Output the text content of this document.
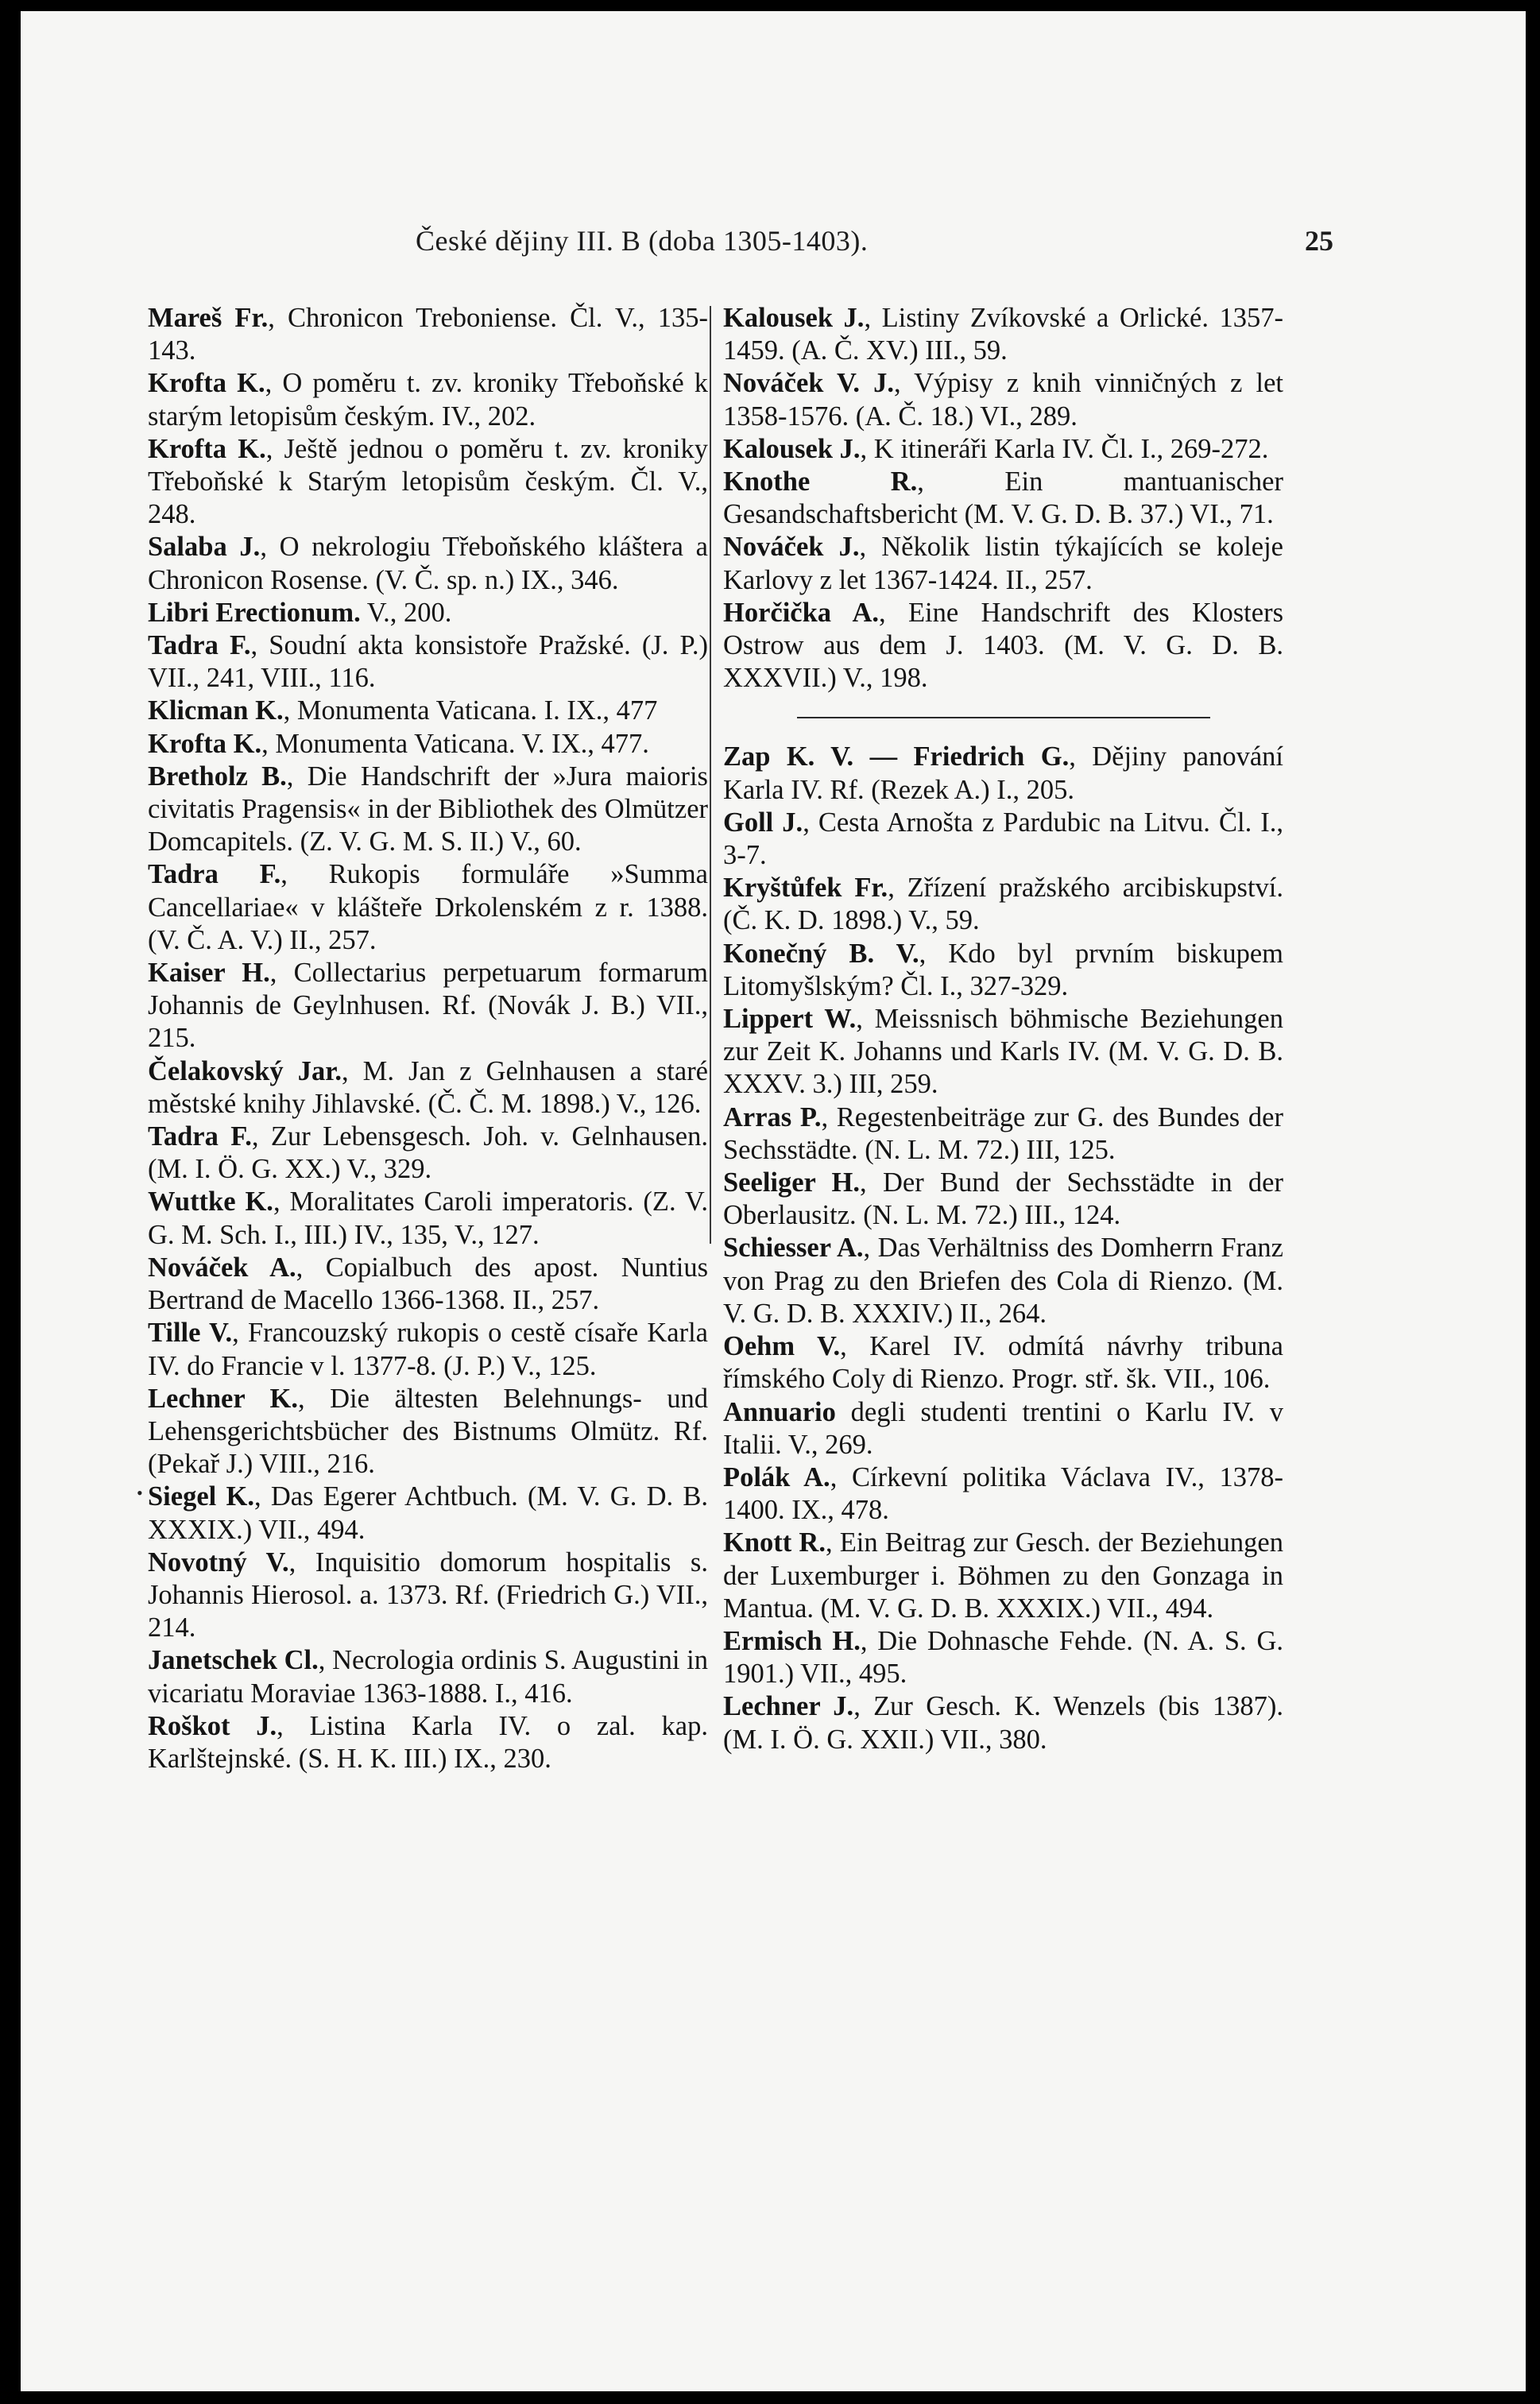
České dějiny III. B (doba 1305-1403).	25

Mareš Fr., Chronicon Treboniense. Čl. V., 135-143.

Krofta K., O poměru t. zv. kroniky Třeboňské k starým letopisům českým. IV., 202.

Krofta K., Ještě jednou o poměru t. zv. kroniky Třeboňské k Starým letopisům českým. Čl. V., 248.

Salaba J., O nekrologiu Třeboňského kláštera a Chronicon Rosense. (V. Č. sp. n.) IX., 346.

Libri Erectionum. V., 200.

Tadra F., Soudní akta konsistoře Pražské. (J. P.) VII., 241, VIII., 116.

Klicman K., Monumenta Vaticana. I. IX., 477

Krofta K., Monumenta Vaticana. V. IX., 477.

Bretholz B., Die Handschrift der »Jura maioris civitatis Pragensis« in der Bibliothek des Olmützer Domcapitels. (Z. V. G. M. S. II.) V., 60.

Tadra F., Rukopis formuláře »Summa Cancellariae« v klášteře Drkolenském z r. 1388. (V. Č. A. V.) II., 257.

Kaiser H., Collectarius perpetuarum formarum Johannis de Geylnhusen. Rf. (Novák J. B.) VII., 215.

Čelakovský Jar., M. Jan z Gelnhausen a staré městské knihy Jihlavské. (Č. Č. M. 1898.) V., 126.

Tadra F., Zur Lebensgesch. Joh. v. Gelnhausen. (M. I. Ö. G. XX.) V., 329.

Wuttke K., Moralitates Caroli imperatoris. (Z. V. G. M. Sch. I., III.) IV., 135, V., 127.

Nováček A., Copialbuch des apost. Nuntius Bertrand de Macello 1366-1368. II., 257.

Tille V., Francouzský rukopis o cestě císaře Karla IV. do Francie v l. 1377-8. (J. P.) V., 125.

Lechner K., Die ältesten Belehnungs- und Lehensgerichtsbücher des Bistnums Olmütz. Rf. (Pekař J.) VIII., 216.

Siegel K., Das Egerer Achtbuch. (M. V. G. D. B. XXXIX.) VII., 494.

Novotný V., Inquisitio domorum hospitalis s. Johannis Hierosol. a. 1373. Rf. (Friedrich G.) VII., 214.

Janetschek Cl., Necrologia ordinis S. Augustini in vicariatu Moraviae 1363-1888. I., 416.

Roškot J., Listina Karla IV. o zal. kap. Karlštejnské. (S. H. K. III.) IX., 230.

Kalousek J., Listiny Zvíkovské a Orlické. 1357-1459. (A. Č. XV.) III., 59.

Nováček V. J., Výpisy z knih vinničných z let 1358-1576. (A. Č. 18.) VI., 289.

Kalousek J., K itineráři Karla IV. Čl. I., 269-272.

Knothe R., Ein mantuanischer Gesandschaftsbericht (M. V. G. D. B. 37.) VI., 71.

Nováček J., Několik listin týkajících se koleje Karlovy z let 1367-1424. II., 257.

Horčička A., Eine Handschrift des Klosters Ostrow aus dem J. 1403. (M. V. G. D. B. XXXVII.) V., 198.

Zap K. V. — Friedrich G., Dějiny panování Karla IV. Rf. (Rezek A.) I., 205.

Goll J., Cesta Arnošta z Pardubic na Litvu. Čl. I., 3-7.

Kryštůfek Fr., Zřízení pražského arcibiskupství. (Č. K. D. 1898.) V., 59.

Konečný B. V., Kdo byl prvním biskupem Litomyšlským? Čl. I., 327-329.

Lippert W., Meissnisch böhmische Beziehungen zur Zeit K. Johanns und Karls IV. (M. V. G. D. B. XXXV. 3.) III, 259.

Arras P., Regestenbeiträge zur G. des Bundes der Sechsstädte. (N. L. M. 72.) III, 125.

Seeliger H., Der Bund der Sechsstädte in der Oberlausitz. (N. L. M. 72.) III., 124.

Schiesser A., Das Verhältniss des Domherrn Franz von Prag zu den Briefen des Cola di Rienzo. (M. V. G. D. B. XXXIV.) II., 264.

Oehm V., Karel IV. odmítá návrhy tribuna římského Coly di Rienzo. Progr. stř. šk. VII., 106.

Annuario degli studenti trentini o Karlu IV. v Italii. V., 269.

Polák A., Církevní politika Václava IV., 1378-1400. IX., 478.

Knott R., Ein Beitrag zur Gesch. der Beziehungen der Luxemburger i. Böhmen zu den Gonzaga in Mantua. (M. V. G. D. B. XXXIX.) VII., 494.

Ermisch H., Die Dohnasche Fehde. (N. A. S. G. 1901.) VII., 495.

Lechner J., Zur Gesch. K. Wenzels (bis 1387). (M. I. Ö. G. XXII.) VII., 380.

•
